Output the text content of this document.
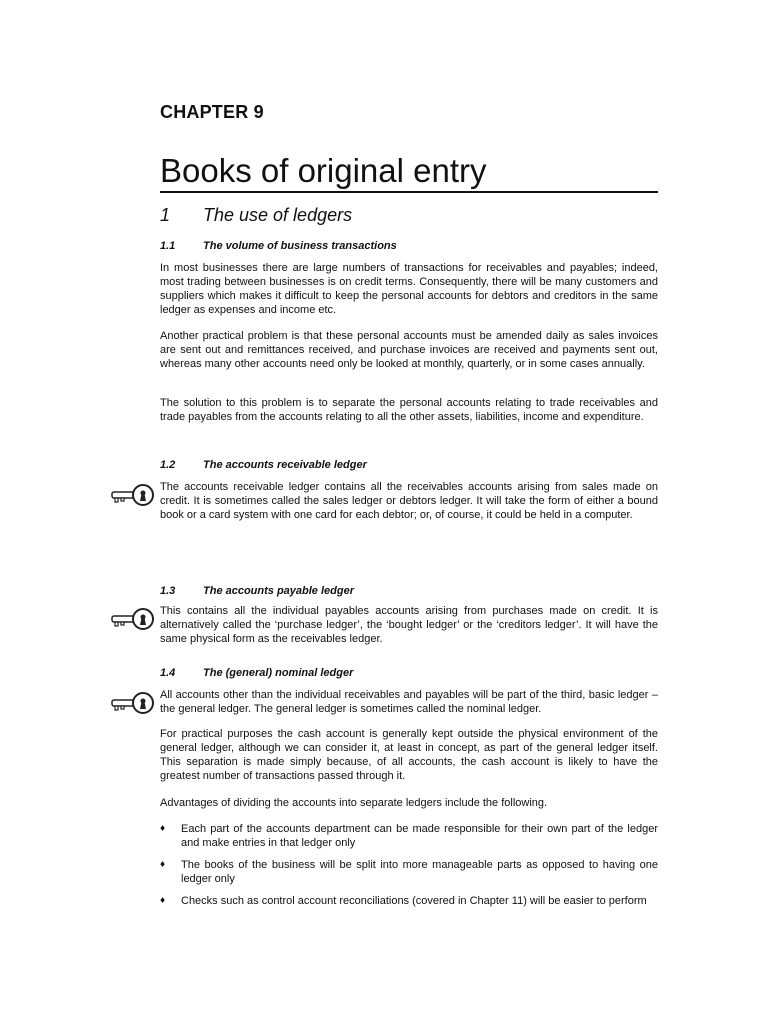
CHAPTER 9
Books of original entry
1 The use of ledgers
1.1	The volume of business transactions

In most businesses there are large numbers of transactions for receivables and payables; indeed, most trading between businesses is on credit terms. Consequently, there will be many customers and suppliers which makes it difficult to keep the personal accounts for debtors and creditors in the same ledger as expenses and income etc.

Another practical problem is that these personal accounts must be amended daily as sales invoices are sent out and remittances received, and purchase invoices are received and payments sent out, whereas many other accounts need only be looked at monthly, quarterly, or in some cases annually.

The solution to this problem is to separate the personal accounts relating to trade receivables and trade payables from the accounts relating to all the other assets, liabilities, income and expenditure.

1.2	The accounts receivable ledger

The accounts receivable ledger contains all the receivables accounts arising from sales made on credit. It is sometimes called the sales ledger or debtors ledger. It will take the form of either a bound book or a card system with one card for each debtor; or, of course, it could be held in a computer.

1.3	The accounts payable ledger

This contains all the individual payables accounts arising from purchases made on credit. It is alternatively called the ‘purchase ledger’, the ‘bought ledger’ or the ‘creditors ledger’. It will have the same physical form as the receivables ledger.

1.4	The (general) nominal ledger

All accounts other than the individual receivables and payables will be part of the third, basic ledger – the general ledger. The general ledger is sometimes called the nominal ledger.

For practical purposes the cash account is generally kept outside the physical environment of the general ledger, although we can consider it, at least in concept, as part of the general ledger itself. This separation is made simply because, of all accounts, the cash account is likely to have the greatest number of transactions passed through it.

Advantages of dividing the accounts into separate ledgers include the following.

♦ Each part of the accounts department can be made responsible for their own part of the ledger and make entries in that ledger only
♦ The books of the business will be split into more manageable parts as opposed to having one ledger only
♦ Checks such as control account reconciliations (covered in Chapter 11) will be easier to perform
